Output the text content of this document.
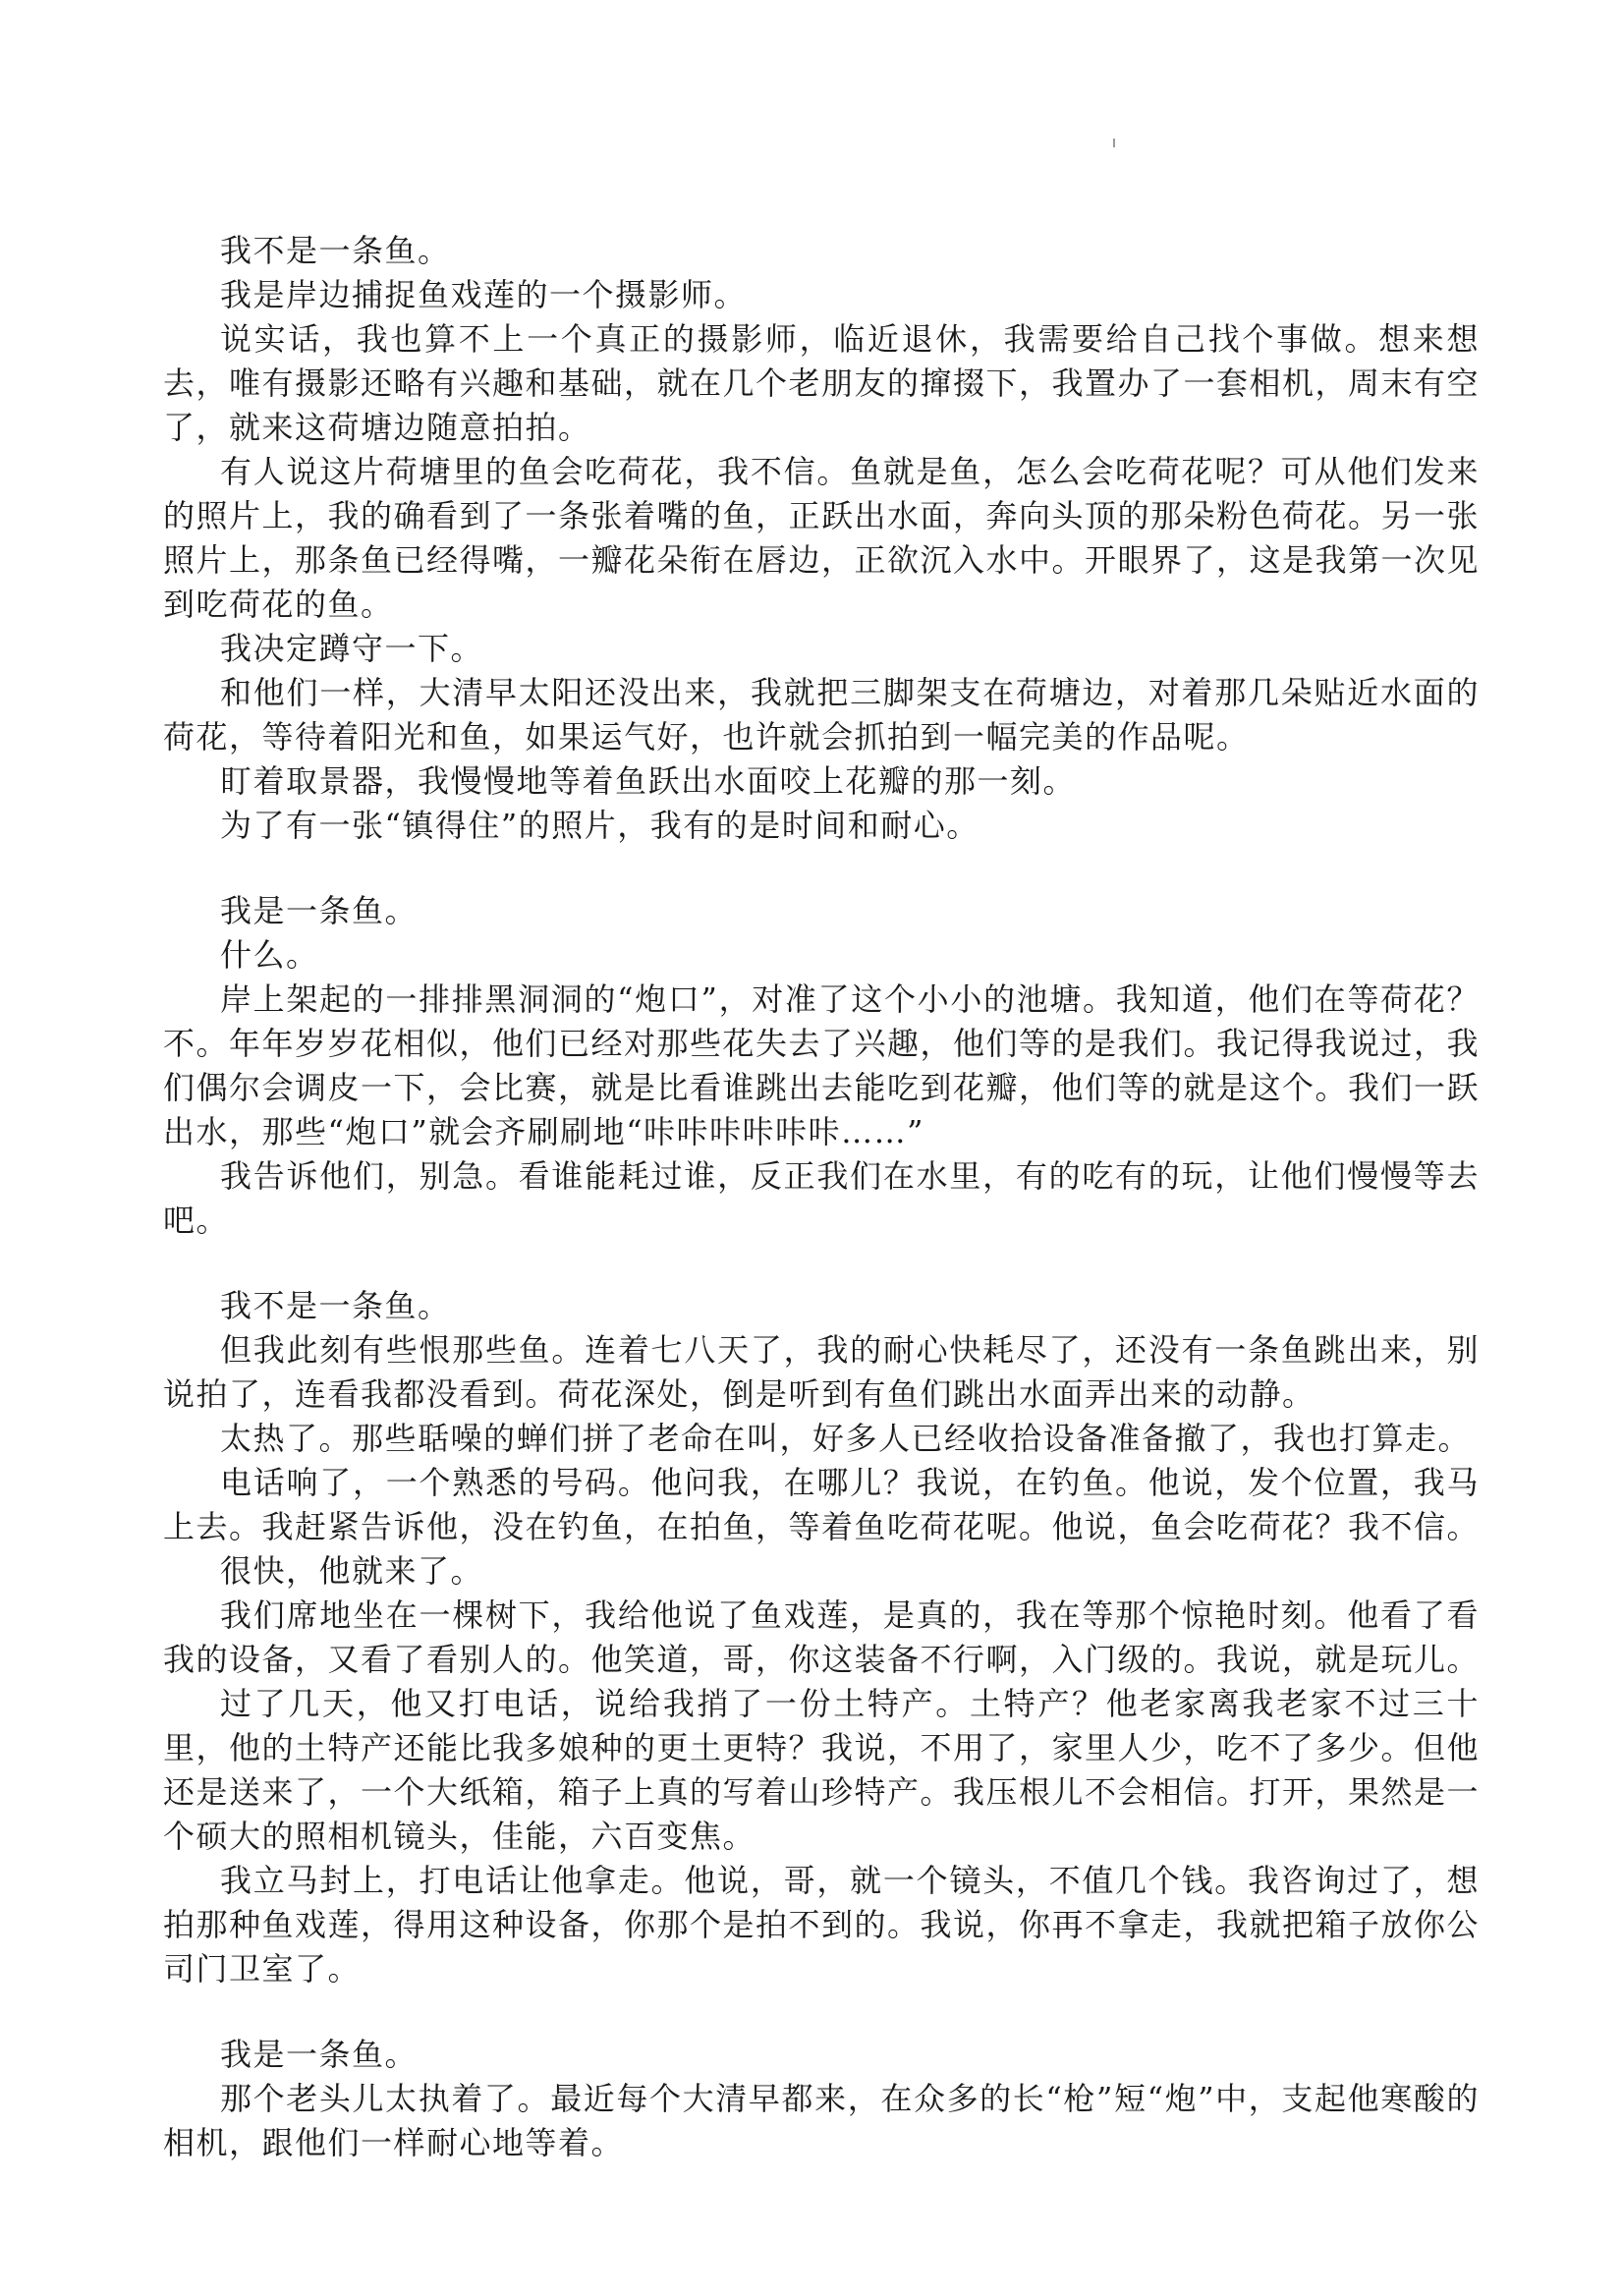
我不是一条鱼。

我是岸边捕捉鱼戏莲的一个摄影师。

说实话，我也算不上一个真正的摄影师，临近退休，我需要给自己找个事做。想来想去，唯有摄影还略有兴趣和基础，就在几个老朋友的撺掇下，我置办了一套相机，周末有空了，就来这荷塘边随意拍拍。

有人说这片荷塘里的鱼会吃荷花，我不信。鱼就是鱼，怎么会吃荷花呢？可从他们发来的照片上，我的确看到了一条张着嘴的鱼，正跃出水面，奔向头顶的那朵粉色荷花。另一张照片上，那条鱼已经得嘴，一瓣花朵衔在唇边，正欲沉入水中。开眼界了，这是我第一次见到吃荷花的鱼。

我决定蹲守一下。

和他们一样，大清早太阳还没出来，我就把三脚架支在荷塘边，对着那几朵贴近水面的荷花，等待着阳光和鱼，如果运气好，也许就会抓拍到一幅完美的作品呢。

盯着取景器，我慢慢地等着鱼跃出水面咬上花瓣的那一刻。

为了有一张“镇得住”的照片，我有的是时间和耐心。

我是一条鱼。

什么。

岸上架起的一排排黑洞洞的“炮口”，对准了这个小小的池塘。我知道，他们在等荷花？不。年年岁岁花相似，他们已经对那些花失去了兴趣，他们等的是我们。我记得我说过，我们偶尔会调皮一下，会比赛，就是比看谁跳出去能吃到花瓣，他们等的就是这个。我们一跃出水，那些“炮口”就会齐刷刷地“咔咔咔咔咔咔……”

我告诉他们，别急。看谁能耗过谁，反正我们在水里，有的吃有的玩，让他们慢慢等去吧。

我不是一条鱼。

但我此刻有些恨那些鱼。连着七八天了，我的耐心快耗尽了，还没有一条鱼跳出来，别说拍了，连看我都没看到。荷花深处，倒是听到有鱼们跳出水面弄出来的动静。

太热了。那些聒噪的蝉们拼了老命在叫，好多人已经收拾设备准备撤了，我也打算走。

电话响了，一个熟悉的号码。他问我，在哪儿？我说，在钓鱼。他说，发个位置，我马上去。我赶紧告诉他，没在钓鱼，在拍鱼，等着鱼吃荷花呢。他说，鱼会吃荷花？我不信。

很快，他就来了。

我们席地坐在一棵树下，我给他说了鱼戏莲，是真的，我在等那个惊艳时刻。他看了看我的设备，又看了看别人的。他笑道，哥，你这装备不行啊，入门级的。我说，就是玩儿。

过了几天，他又打电话，说给我捎了一份土特产。土特产？他老家离我老家不过三十里，他的土特产还能比我多娘种的更土更特？我说，不用了，家里人少，吃不了多少。但他还是送来了，一个大纸箱，箱子上真的写着山珍特产。我压根儿不会相信。打开，果然是一个硕大的照相机镜头，佳能，六百变焦。

我立马封上，打电话让他拿走。他说，哥，就一个镜头，不值几个钱。我咨询过了，想拍那种鱼戏莲，得用这种设备，你那个是拍不到的。我说，你再不拿走，我就把箱子放你公司门卫室了。

我是一条鱼。

那个老头儿太执着了。最近每个大清早都来，在众多的长“枪”短“炮”中，支起他寒酸的相机，跟他们一样耐心地等着。
